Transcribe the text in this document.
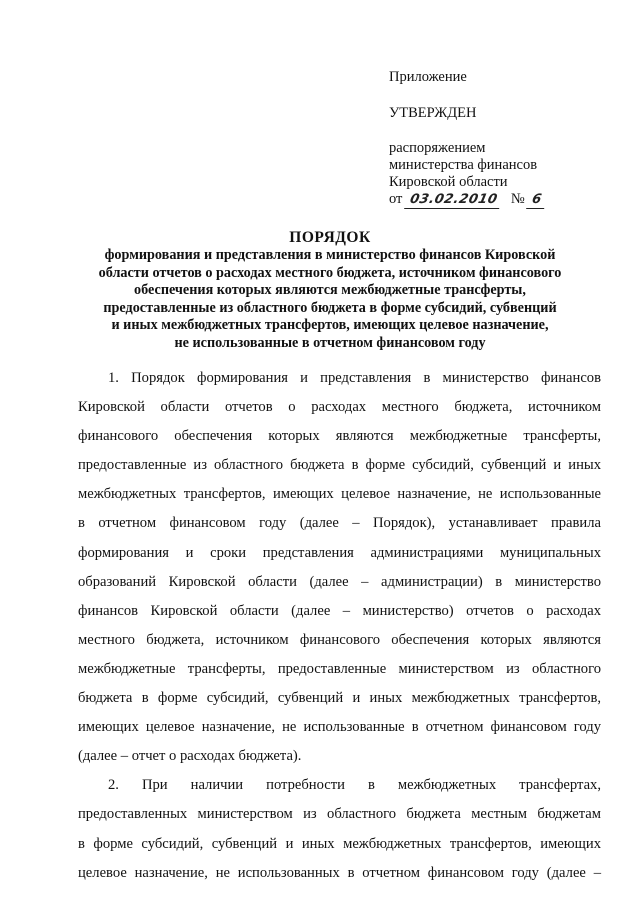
Приложение
УТВЕРЖДЕН
распоряжением
министерства финансов
Кировской области
от 03.02.2010 № 6
ПОРЯДОК
формирования и представления в министерство финансов Кировской
области отчетов о расходах местного бюджета, источником финансового
обеспечения которых являются межбюджетные трансферты,
предоставленные из областного бюджета в форме субсидий, субвенций
и иных межбюджетных трансфертов, имеющих целевое назначение,
не использованные в отчетном финансовом году
1. Порядок формирования и представления в министерство финансов
Кировской области отчетов о расходах местного бюджета, источником
финансового обеспечения которых являются межбюджетные трансферты,
предоставленные из областного бюджета в форме субсидий, субвенций и иных
межбюджетных трансфертов, имеющих целевое назначение, не использованные
в отчетном финансовом году (далее – Порядок), устанавливает правила
формирования и сроки представления администрациями муниципальных
образований Кировской области (далее – администрации) в министерство
финансов Кировской области (далее – министерство) отчетов о расходах
местного бюджета, источником финансового обеспечения которых являются
межбюджетные трансферты, предоставленные министерством из областного
бюджета в форме субсидий, субвенций и иных межбюджетных трансфертов,
имеющих целевое назначение, не использованные в отчетном финансовом году
(далее – отчет о расходах бюджета).
2. При наличии потребности в межбюджетных трансфертах,
предоставленных министерством из областного бюджета местным бюджетам
в форме субсидий, субвенций и иных межбюджетных трансфертов, имеющих
целевое назначение, не использованных в отчетном финансовом году (далее –
